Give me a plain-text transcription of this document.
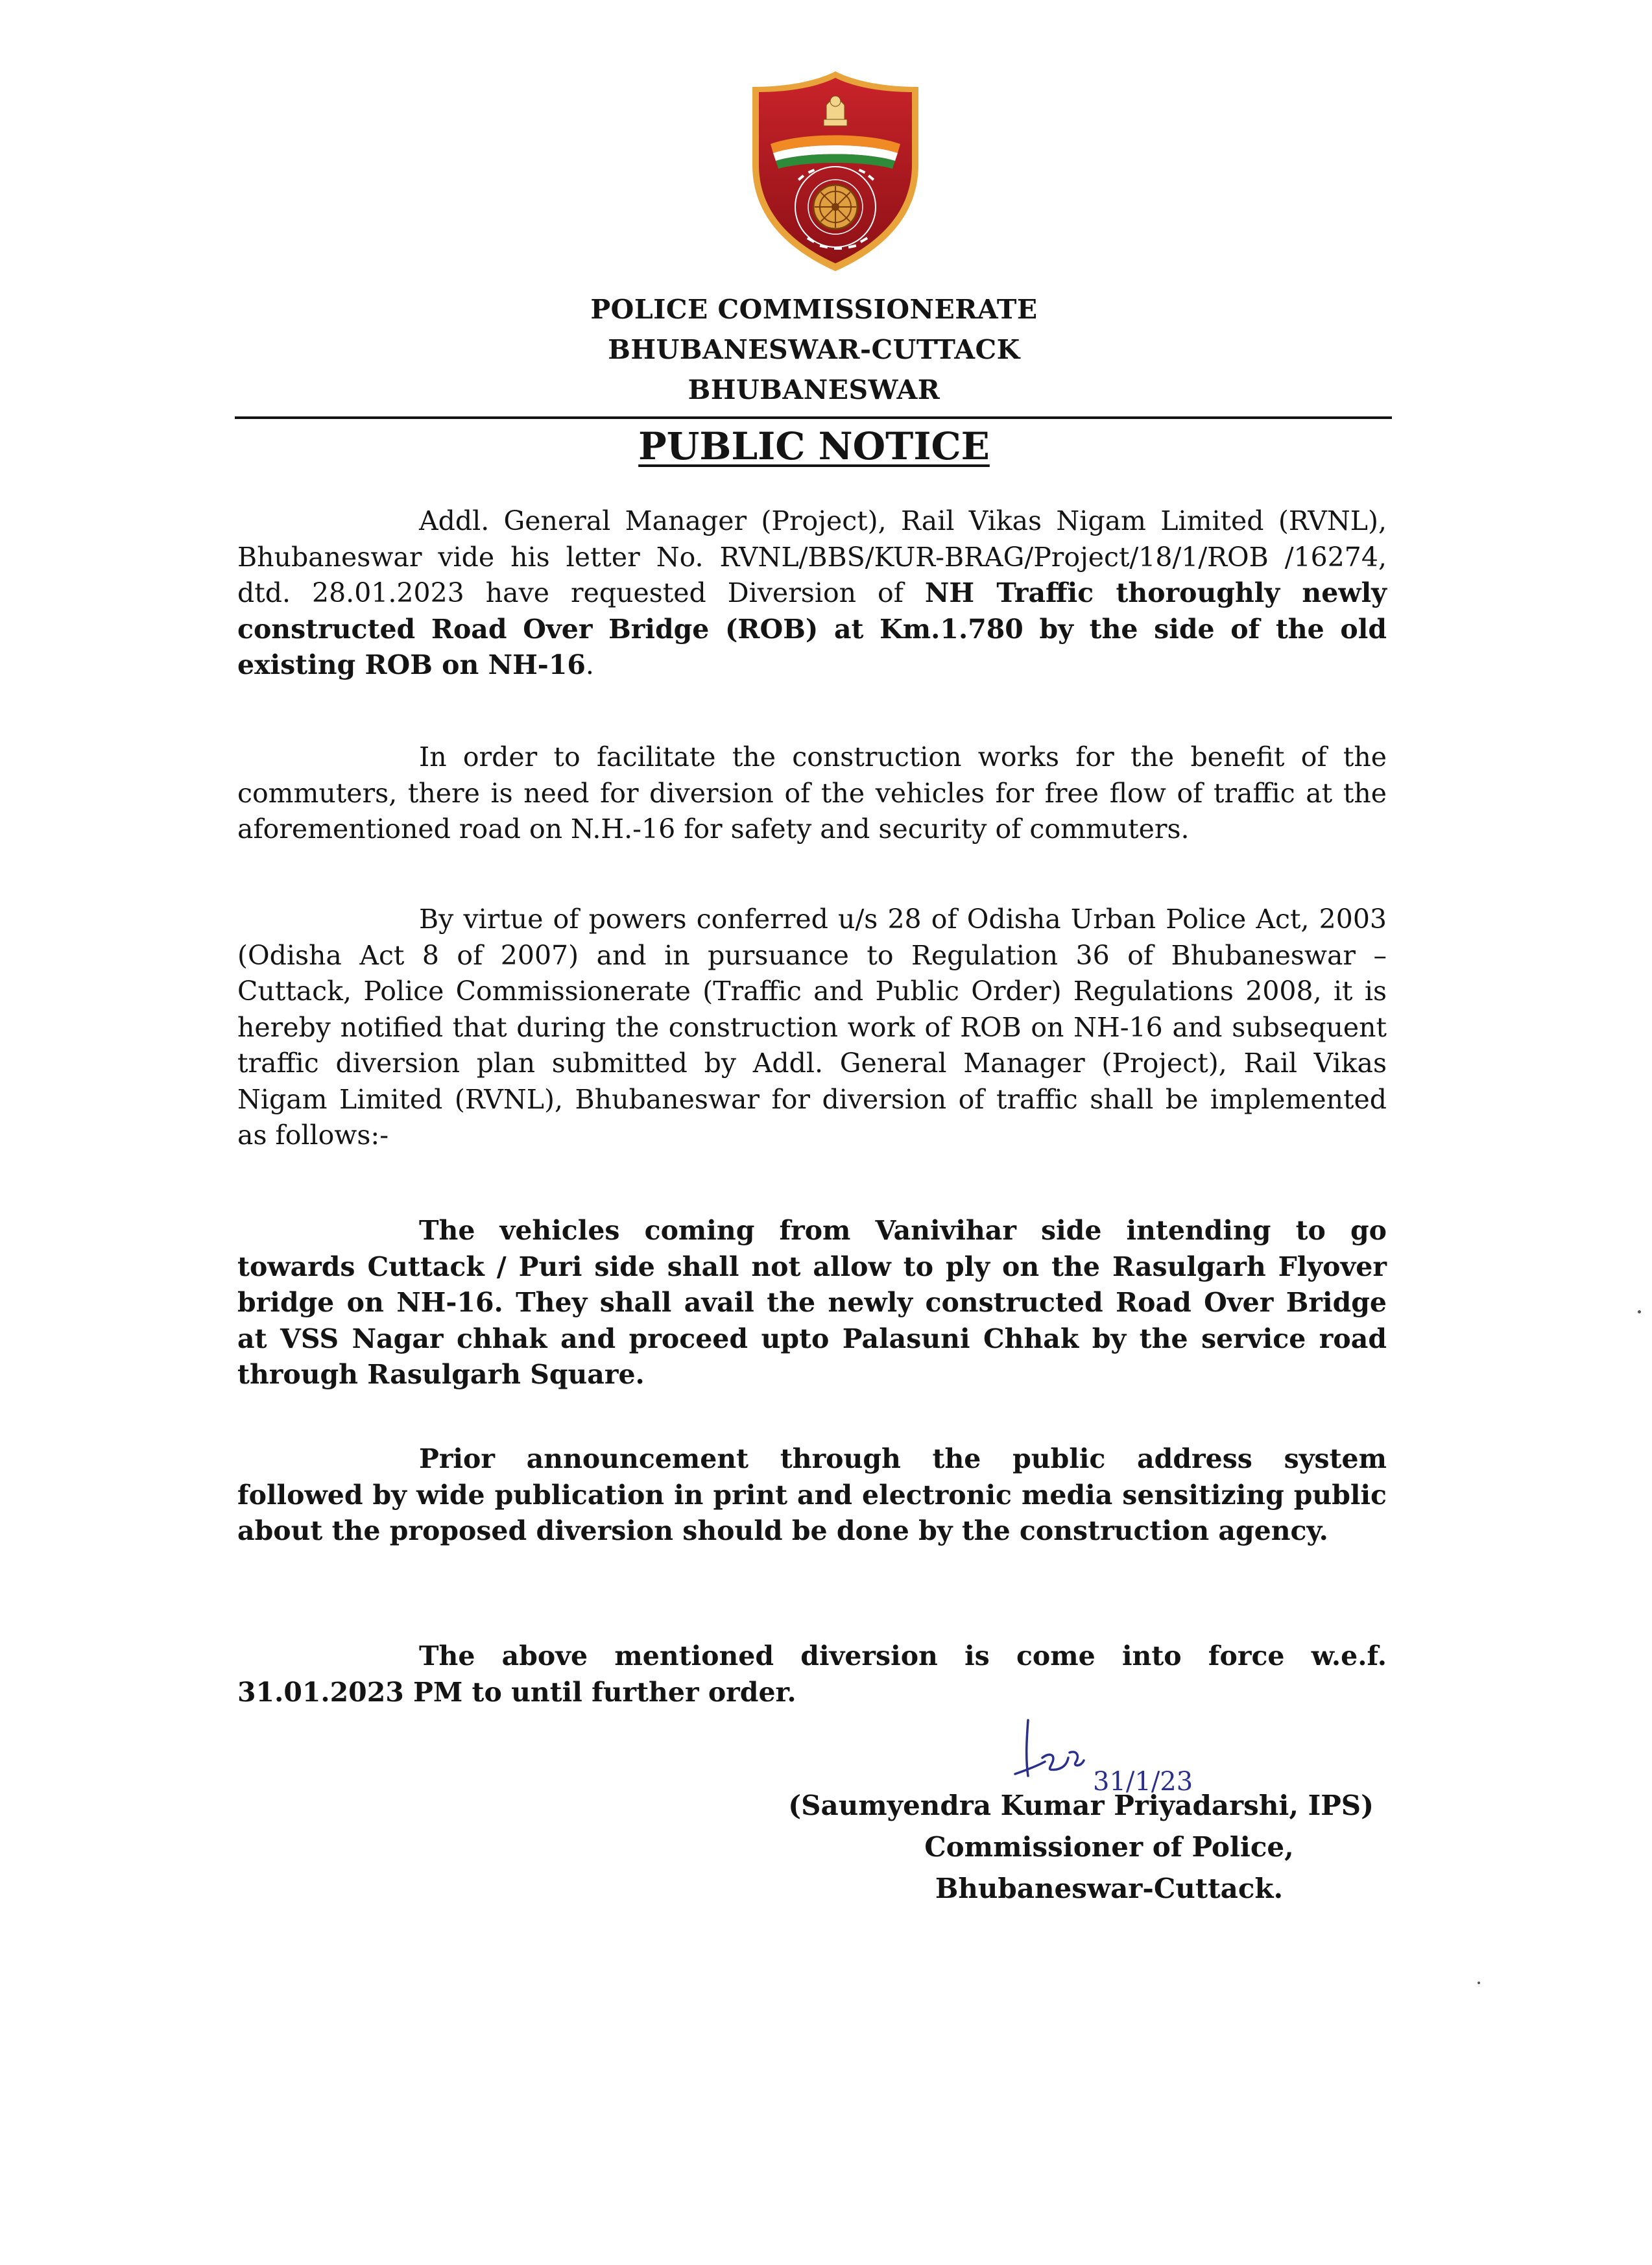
POLICE COMMISSIONERATE
BHUBANESWAR-CUTTACK
BHUBANESWAR
PUBLIC NOTICE
Addl. General Manager (Project), Rail Vikas Nigam Limited (RVNL), Bhubaneswar vide his letter No. RVNL/BBS/KUR-BRAG/Project/18/1/ROB /16274, dtd. 28.01.2023 have requested Diversion of NH Traffic thoroughly newly constructed Road Over Bridge (ROB) at Km.1.780 by the side of the old existing ROB on NH-16.
In order to facilitate the construction works for the benefit of the commuters, there is need for diversion of the vehicles for free flow of traffic at the aforementioned road on N.H.-16 for safety and security of commuters.
By virtue of powers conferred u/s 28 of Odisha Urban Police Act, 2003 (Odisha Act 8 of 2007) and in pursuance to Regulation 36 of Bhubaneswar – Cuttack, Police Commissionerate (Traffic and Public Order) Regulations 2008, it is hereby notified that during the construction work of ROB on NH-16 and subsequent traffic diversion plan submitted by Addl. General Manager (Project), Rail Vikas Nigam Limited (RVNL), Bhubaneswar for diversion of traffic shall be implemented as follows:-
The vehicles coming from Vanivihar side intending to go towards Cuttack / Puri side shall not allow to ply on the Rasulgarh Flyover bridge on NH-16. They shall avail the newly constructed Road Over Bridge at VSS Nagar chhak and proceed upto Palasuni Chhak by the service road through Rasulgarh Square.
Prior announcement through the public address system followed by wide publication in print and electronic media sensitizing public about the proposed diversion should be done by the construction agency.
The above mentioned diversion is come into force w.e.f. 31.01.2023 PM to until further order.
31/1/23
(Saumyendra Kumar Priyadarshi, IPS)
Commissioner of Police,
Bhubaneswar-Cuttack.
